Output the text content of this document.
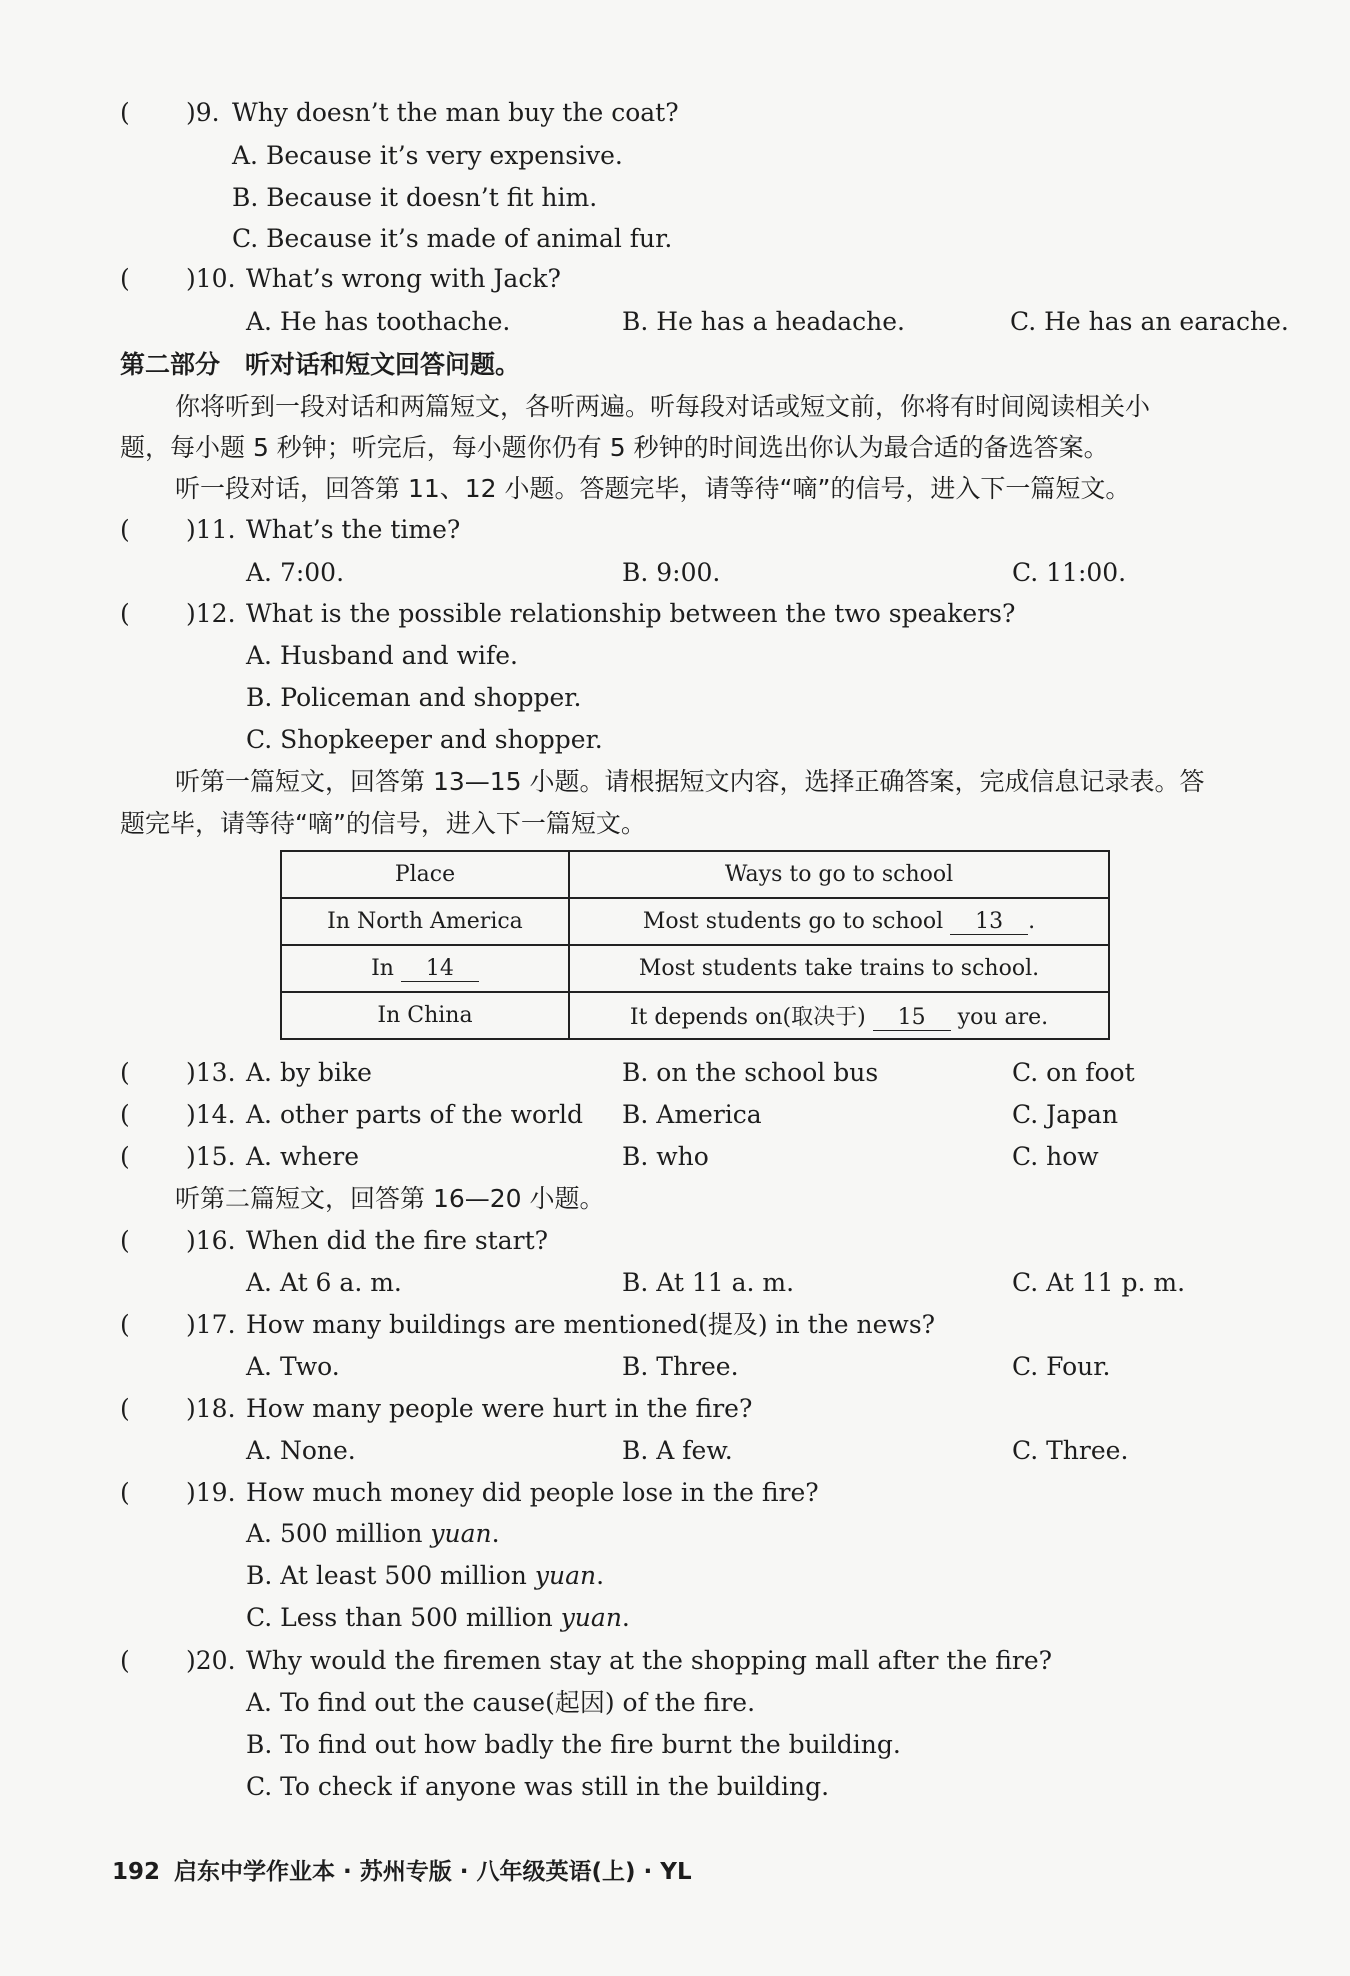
( )9. Why doesn’t the man buy the coat?
A. Because it’s very expensive.
B. Because it doesn’t fit him.
C. Because it’s made of animal fur.
( )10. What’s wrong with Jack?
A. He has toothache.	B. He has a headache.	C. He has an earache.
第二部分　听对话和短文回答问题。
你将听到一段对话和两篇短文，各听两遍。听每段对话或短文前，你将有时间阅读相关小
题，每小题 5 秒钟；听完后，每小题你仍有 5 秒钟的时间选出你认为最合适的备选答案。
听一段对话，回答第 11、12 小题。答题完毕，请等待“嘀”的信号，进入下一篇短文。
( )11. What’s the time?
A. 7:00.	B. 9:00.	C. 11:00.
( )12. What is the possible relationship between the two speakers?
A. Husband and wife.
B. Policeman and shopper.
C. Shopkeeper and shopper.
听第一篇短文，回答第 13—15 小题。请根据短文内容，选择正确答案，完成信息记录表。答
题完毕，请等待“嘀”的信号，进入下一篇短文。
Place	Ways to go to school
In North America	Most students go to school 13 .
In 14	Most students take trains to school.
In China	It depends on(取决于) 15 you are.
( )13. A. by bike	B. on the school bus	C. on foot
( )14. A. other parts of the world B. America	C. Japan
( )15. A. where	B. who	C. how
听第二篇短文，回答第 16—20 小题。
( )16. When did the fire start?
A. At 6 a. m.	B. At 11 a. m.	C. At 11 p. m.
( )17. How many buildings are mentioned(提及) in the news?
A. Two.	B. Three.	C. Four.
( )18. How many people were hurt in the fire?
A. None.	B. A few.	C. Three.
( )19. How much money did people lose in the fire?
A. 500 million yuan.
B. At least 500 million yuan.
C. Less than 500 million yuan.
( )20. Why would the firemen stay at the shopping mall after the fire?
A. To find out the cause(起因) of the fire.
B. To find out how badly the fire burnt the building.
C. To check if anyone was still in the building.
192 启东中学作业本 · 苏州专版 · 八年级英语(上) · YL
